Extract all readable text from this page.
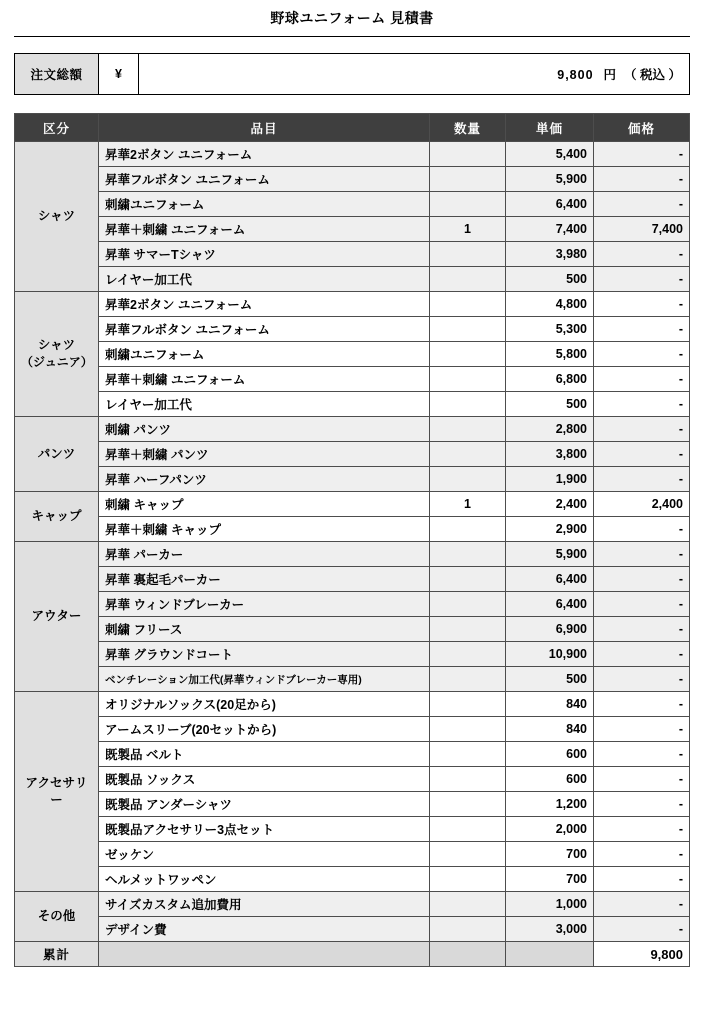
野球ユニフォーム 見積書
注文総額	¥	9,800 円 （ 税込 ）
区分	品目	数量	単価	価格
シャツ	昇華2ボタン ユニフォーム		5,400	-
	昇華フルボタン ユニフォーム		5,900	-
	刺繍ユニフォーム		6,400	-
	昇華＋刺繍 ユニフォーム	1	7,400	7,400
	昇華 サマーTシャツ		3,980	-
	レイヤー加工代		500	-
シャツ
（ジュニア）	昇華2ボタン ユニフォーム		4,800	-
	昇華フルボタン ユニフォーム		5,300	-
	刺繍ユニフォーム		5,800	-
	昇華＋刺繍 ユニフォーム		6,800	-
	レイヤー加工代		500	-
パンツ	刺繍 パンツ		2,800	-
	昇華＋刺繍 パンツ		3,800	-
	昇華 ハーフパンツ		1,900	-
キャップ	刺繍 キャップ	1	2,400	2,400
	昇華＋刺繍 キャップ		2,900	-
アウター	昇華 パーカー		5,900	-
	昇華 裏起毛パーカー		6,400	-
	昇華 ウィンドブレーカー		6,400	-
	刺繍 フリース		6,900	-
	昇華 グラウンドコート		10,900	-
	ベンチレーション加工代(昇華ウィンドブレーカー専用)		500	-
アクセサリー	オリジナルソックス(20足から)		840	-
	アームスリーブ(20セットから)		840	-
	既製品 ベルト		600	-
	既製品 ソックス		600	-
	既製品 アンダーシャツ		1,200	-
	既製品アクセサリー3点セット		2,000	-
	ゼッケン		700	-
	ヘルメットワッペン		700	-
その他	サイズカスタム追加費用		1,000	-
	デザイン費		3,000	-
累計				9,800
